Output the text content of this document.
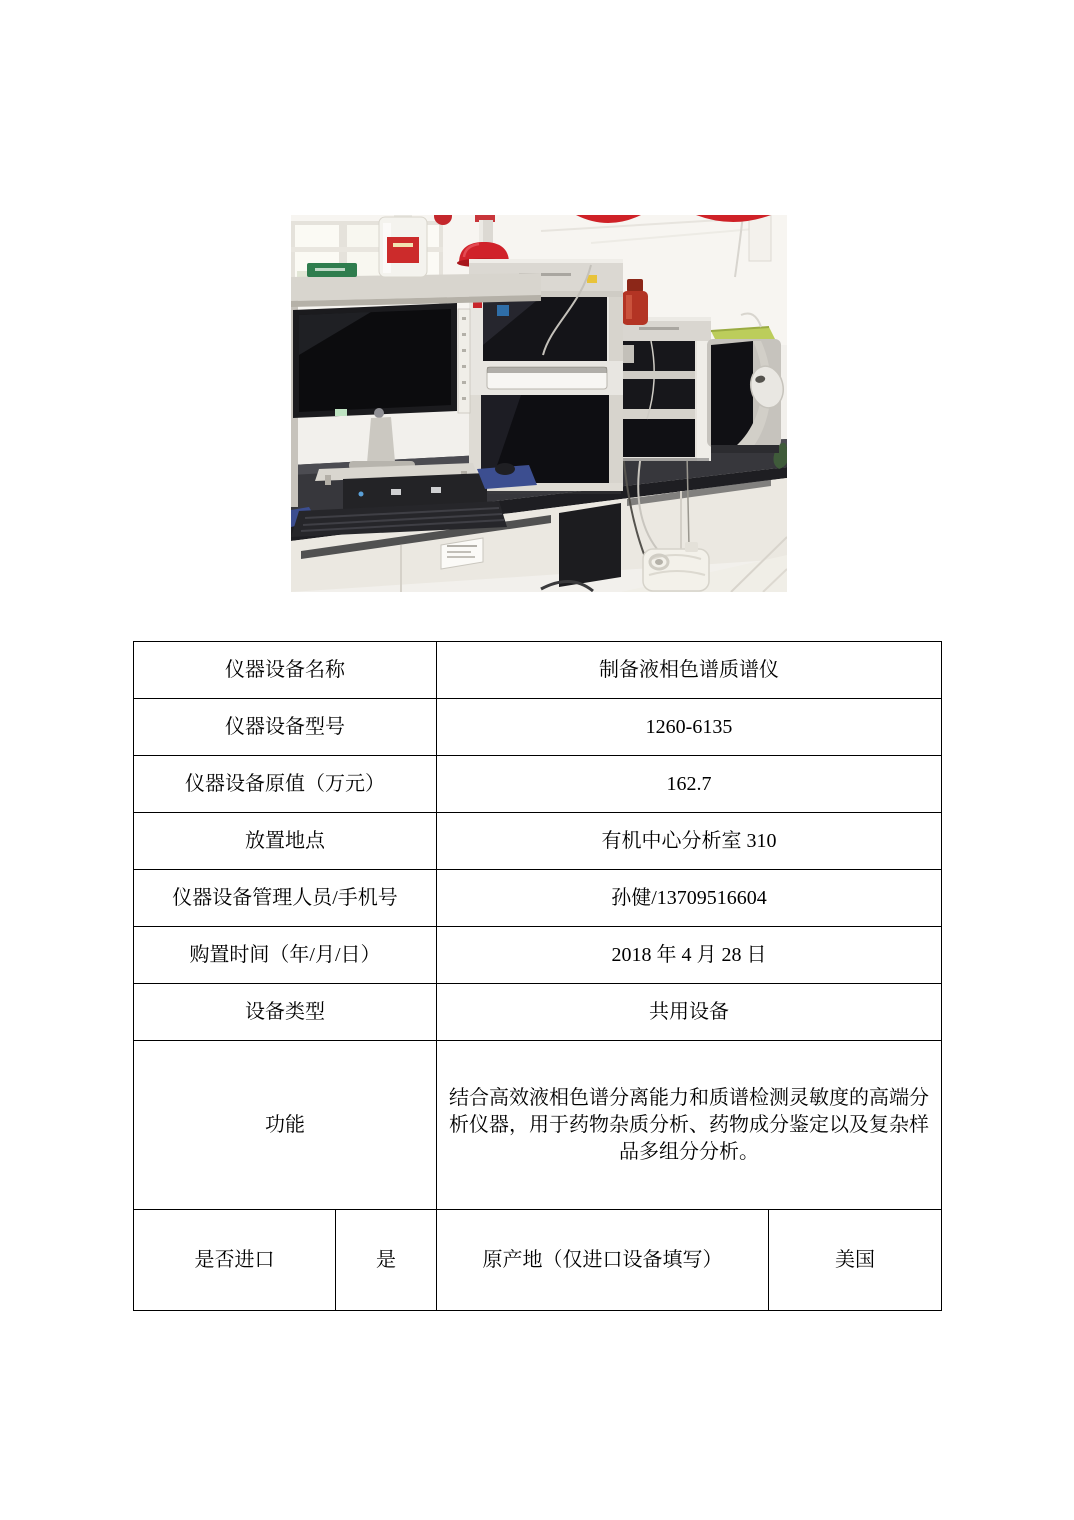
仪器设备名称		制备液相色谱质谱仪	
仪器设备型号		1260-6135	
仪器设备原值（万元）		162.7	
放置地点		有机中心分析室 310	
仪器设备管理人员/手机号		孙健/13709516604	
购置时间（年/月/日）		2018 年 4 月 28 日	
设备类型		共用设备	
功能		结合高效液相色谱分离能力和质谱检测灵敏度的高端分析仪器，用于药物杂质分析、药物成分鉴定以及复杂样品多组分分析。	
是否进口	是	原产地（仅进口设备填写）	美国
